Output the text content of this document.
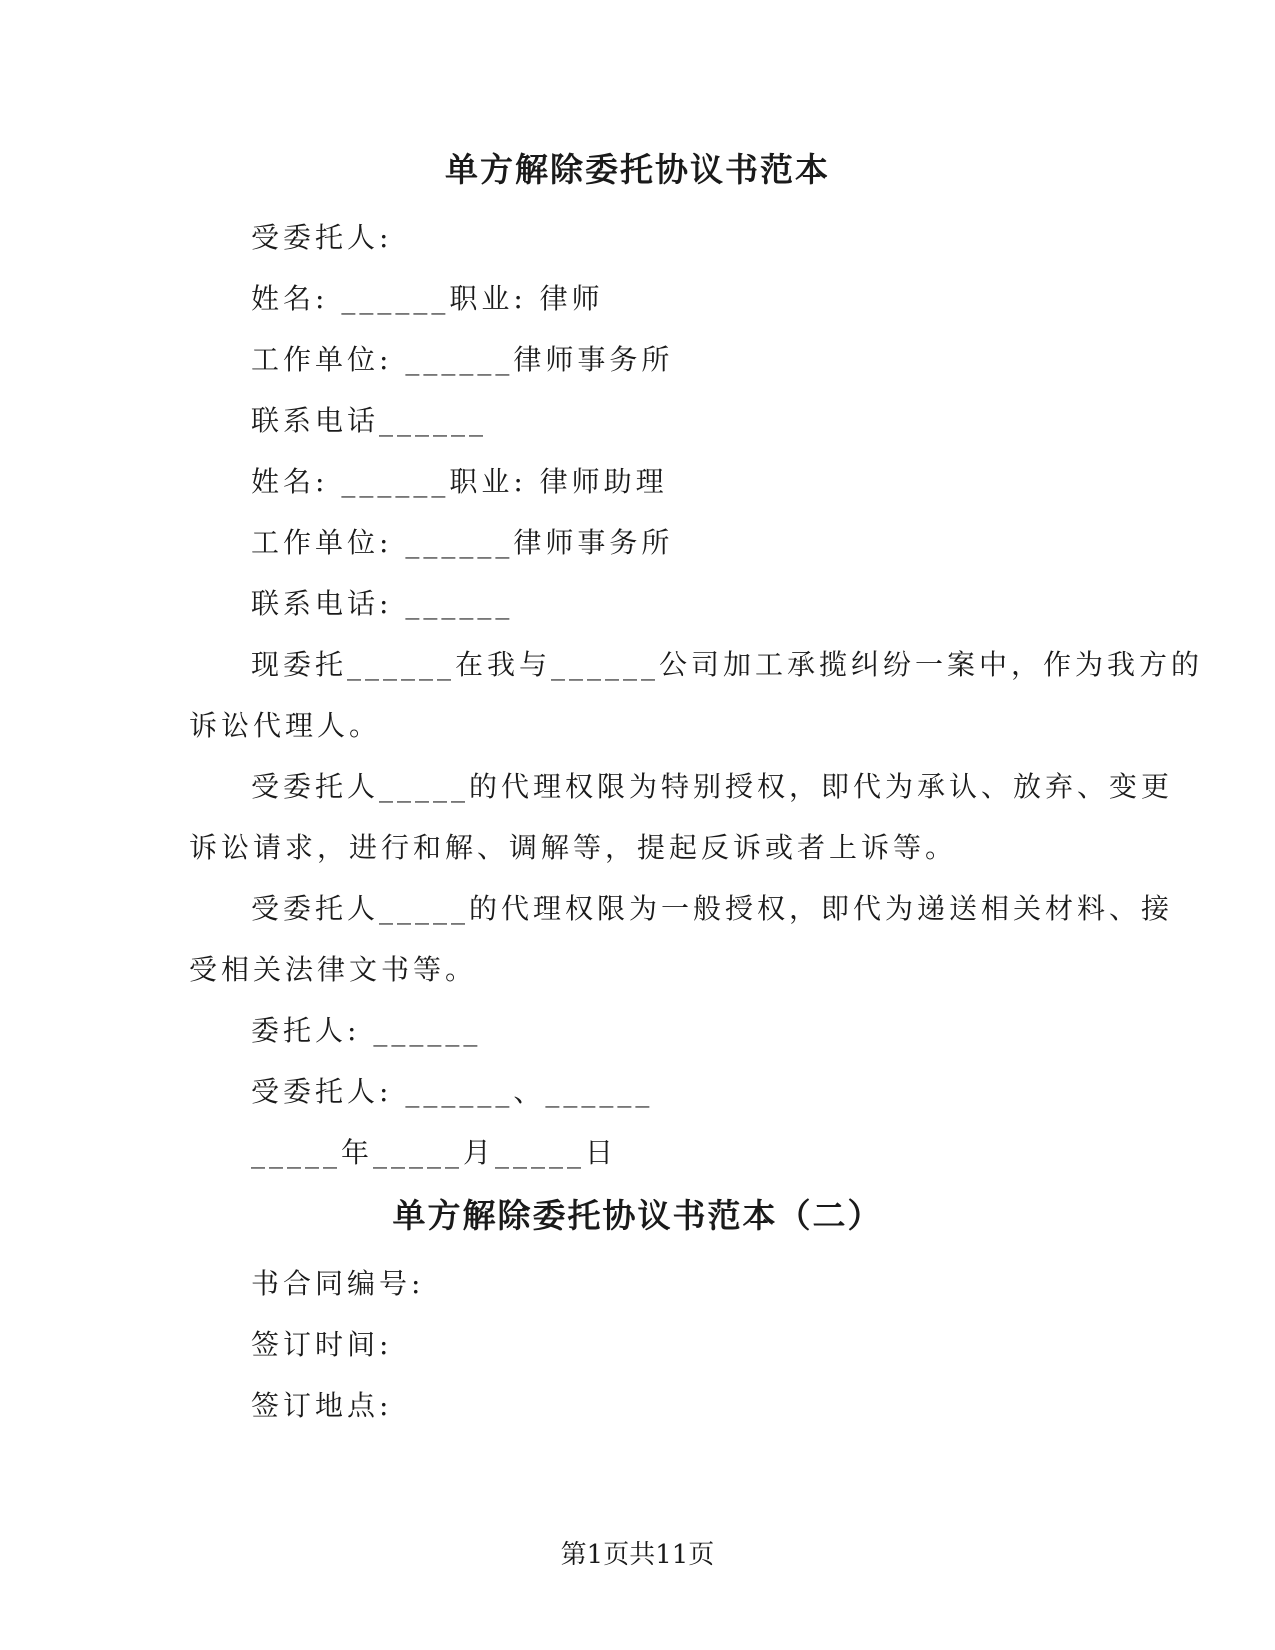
单方解除委托协议书范本
受委托人:
姓名: ______职业: 律师
工作单位: ______律师事务所
联系电话______
姓名: ______职业: 律师助理
工作单位: ______律师事务所
联系电话: ______
现委托______在我与______公司加工承揽纠纷一案中，作为我方的
诉讼代理人。
受委托人_____的代理权限为特别授权，即代为承认、放弃、变更
诉讼请求，进行和解、调解等，提起反诉或者上诉等。
受委托人_____的代理权限为一般授权，即代为递送相关材料、接
受相关法律文书等。
委托人: ______
受委托人: ______、______
_____年_____月_____日
单方解除委托协议书范本（二）
书合同编号:
签订时间:
签订地点:
第1页共11页
